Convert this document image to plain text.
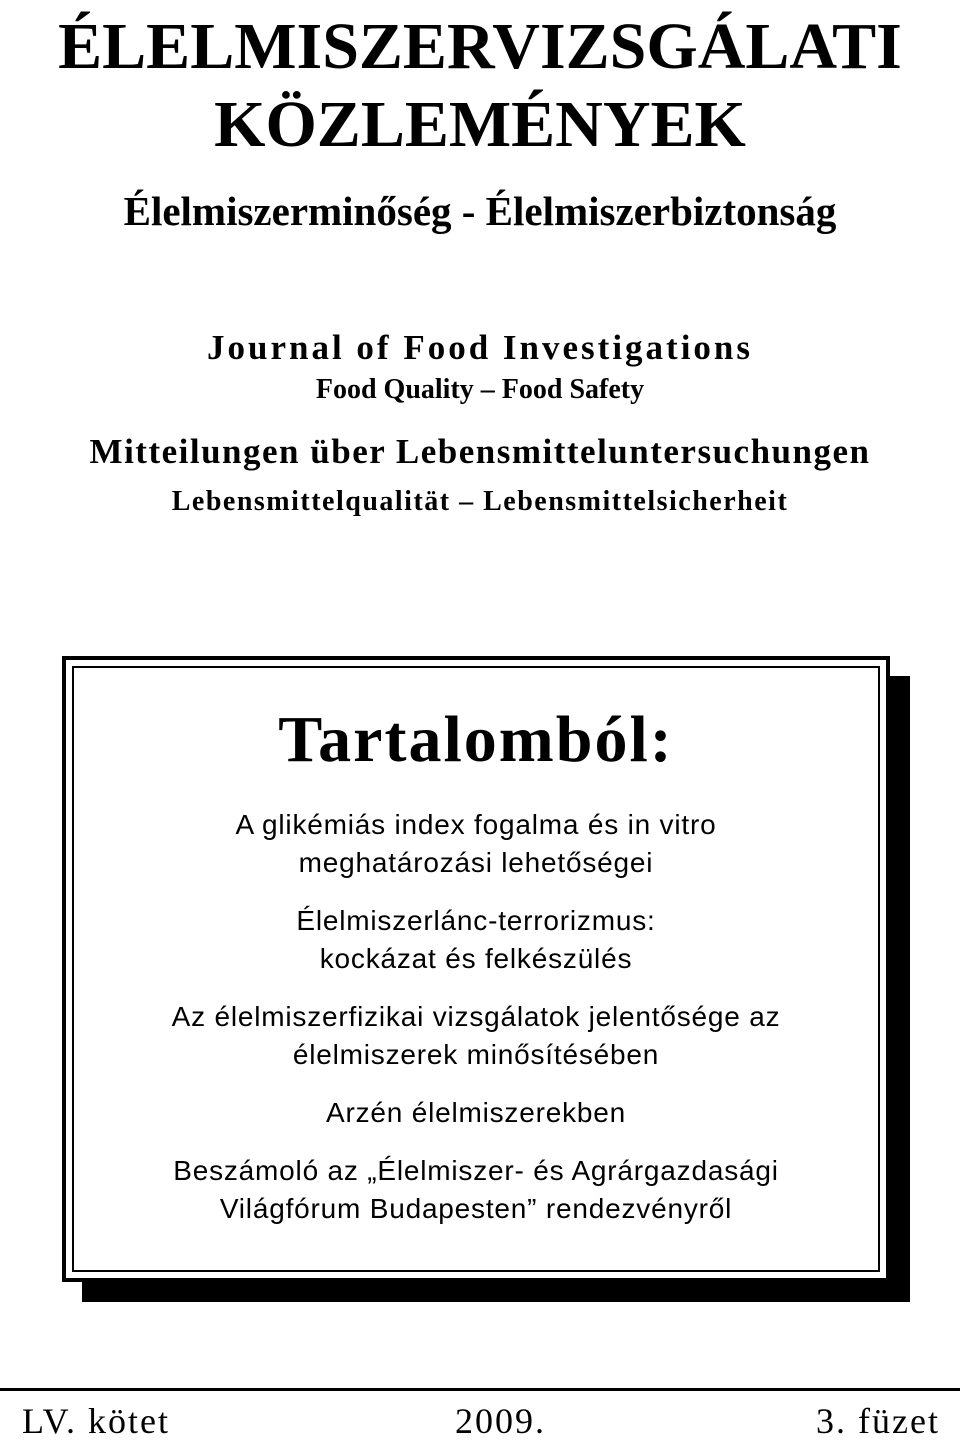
ÉLELMISZERVIZSGÁLATI
KÖZLEMÉNYEK
Élelmiszerminőség - Élelmiszerbiztonság
Journal of Food Investigations
Food Quality – Food Safety
Mitteilungen über Lebensmitteluntersuchungen
Lebensmittelqualität – Lebensmittelsicherheit
Tartalomból:
A glikémiás index fogalma és in vitro
meghatározási lehetőségei
Élelmiszerlánc-terrorizmus:
kockázat és felkészülés
Az élelmiszerfizikai vizsgálatok jelentősége az
élelmiszerek minősítésében
Arzén élelmiszerekben
Beszámoló az „Élelmiszer- és Agrárgazdasági
Világfórum Budapesten” rendezvényről
LV. kötet	2009.	3. füzet
